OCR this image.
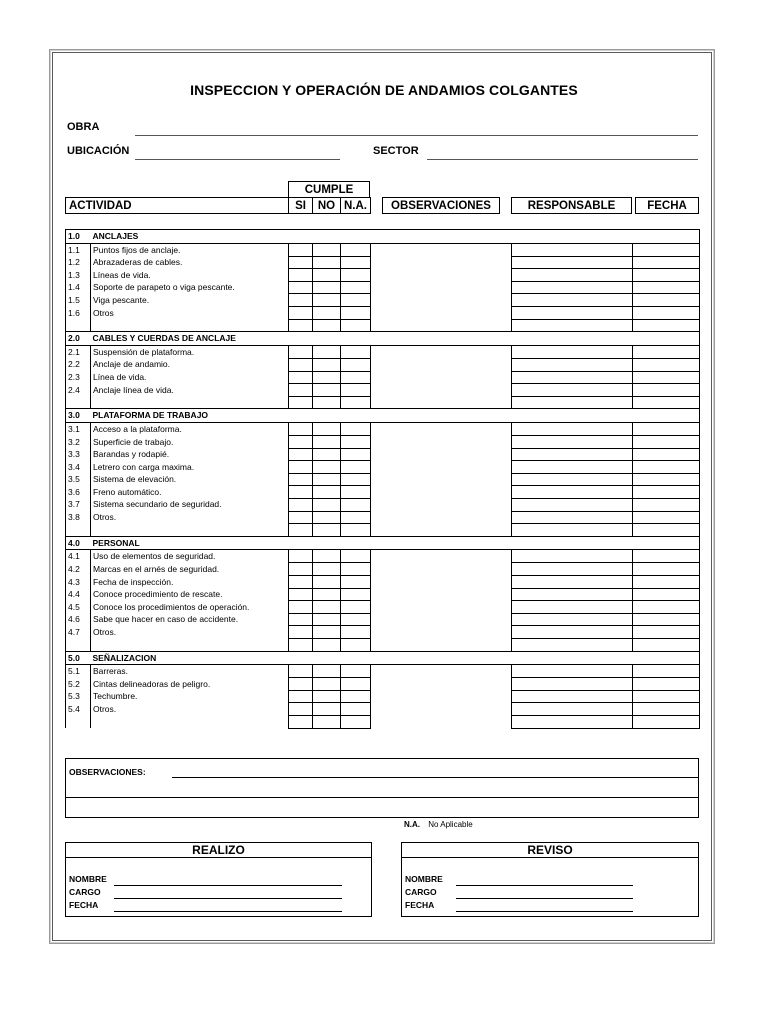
INSPECCION Y OPERACIÓN DE ANDAMIOS COLGANTES
OBRA
UBICACIÓN	SECTOR
CUMPLE
ACTIVIDAD	SI NO N.A. OBSERVACIONES	RESPONSABLE	FECHA
1.0	ANCLAJES						
1.1	Puntos fijos de anclaje.						
1.2	Abrazaderas de cables.						
1.3	Líneas de vida.						
1.4	Soporte de parapeto o viga pescante.						
1.5	Viga pescante.						
1.6	Otros						

2.0	CABLES Y CUERDAS DE ANCLAJE						
2.1	Suspensión de plataforma.						
2.2	Anclaje de andamio.						
2.3	Línea de vida.						
2.4	Anclaje línea de vida.						

3.0	PLATAFORMA DE TRABAJO						
3.1	Acceso a la plataforma.						
3.2	Superficie de trabajo.						
3.3	Barandas y rodapié.						
3.4	Letrero con carga maxima.						
3.5	Sistema de elevación.						
3.6	Freno automático.						
3.7	Sistema secundario de seguridad.						
3.8	Otros.						

4.0	PERSONAL						
4.1	Uso de elementos de seguridad.						
4.2	Marcas en el arnés de seguridad.						
4.3	Fecha de inspección.						
4.4	Conoce procedimiento de rescate.						
4.5	Conoce los procedimientos de operación.						
4.6	Sabe que hacer en caso de accidente.						
4.7	Otros.						

5.0	SEÑALIZACION						
5.1	Barreras.						
5.2	Cintas delineadoras de peligro.						
5.3	Techumbre.						
5.4	Otros.						

OBSERVACIONES:
N.A. No Aplicable
REALIZO
NOMBRE
CARGO
FECHA
REVISO
NOMBRE
CARGO
FECHA
